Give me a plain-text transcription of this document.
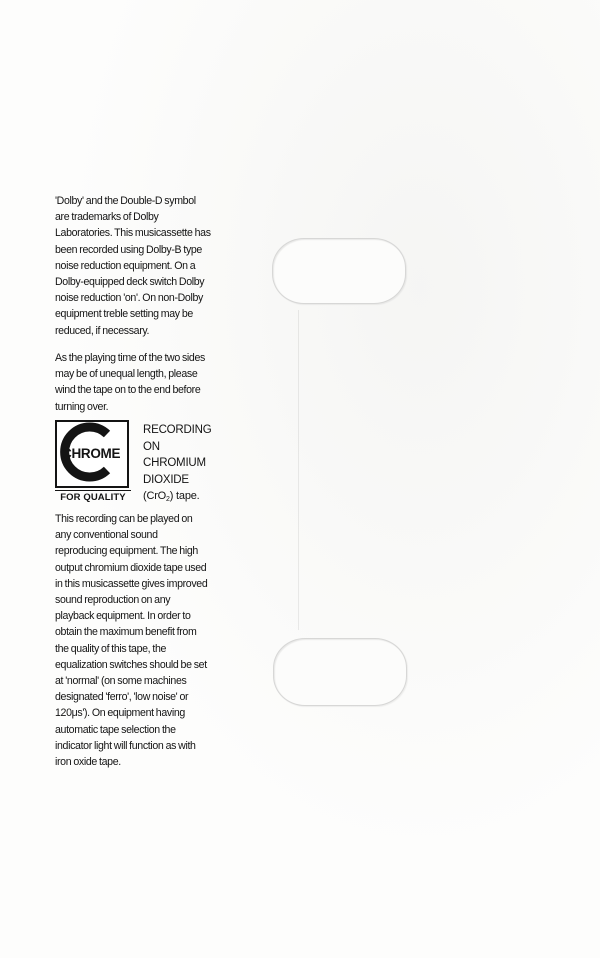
'Dolby' and the Double-D symbol
are trademarks of Dolby
Laboratories. This musicassette has
been recorded using Dolby-B type
noise reduction equipment. On a
Dolby-equipped deck switch Dolby
noise reduction 'on'. On non-Dolby
equipment treble setting may be
reduced, if necessary.
As the playing time of the two sides
may be of unequal length, please
wind the tape on to the end before
turning over.
CHROME
FOR QUALITY
RECORDING
ON
CHROMIUM
DIOXIDE
(CrO$_2$) tape.
This recording can be played on
any conventional sound
reproducing equipment. The high
output chromium dioxide tape used
in this musicassette gives improved
sound reproduction on any
playback equipment. In order to
obtain the maximum benefit from
the quality of this tape, the
equalization switches should be set
at 'normal' (on some machines
designated 'ferro', 'low noise' or
120μs'). On equipment having
automatic tape selection the
indicator light will function as with
iron oxide tape.
